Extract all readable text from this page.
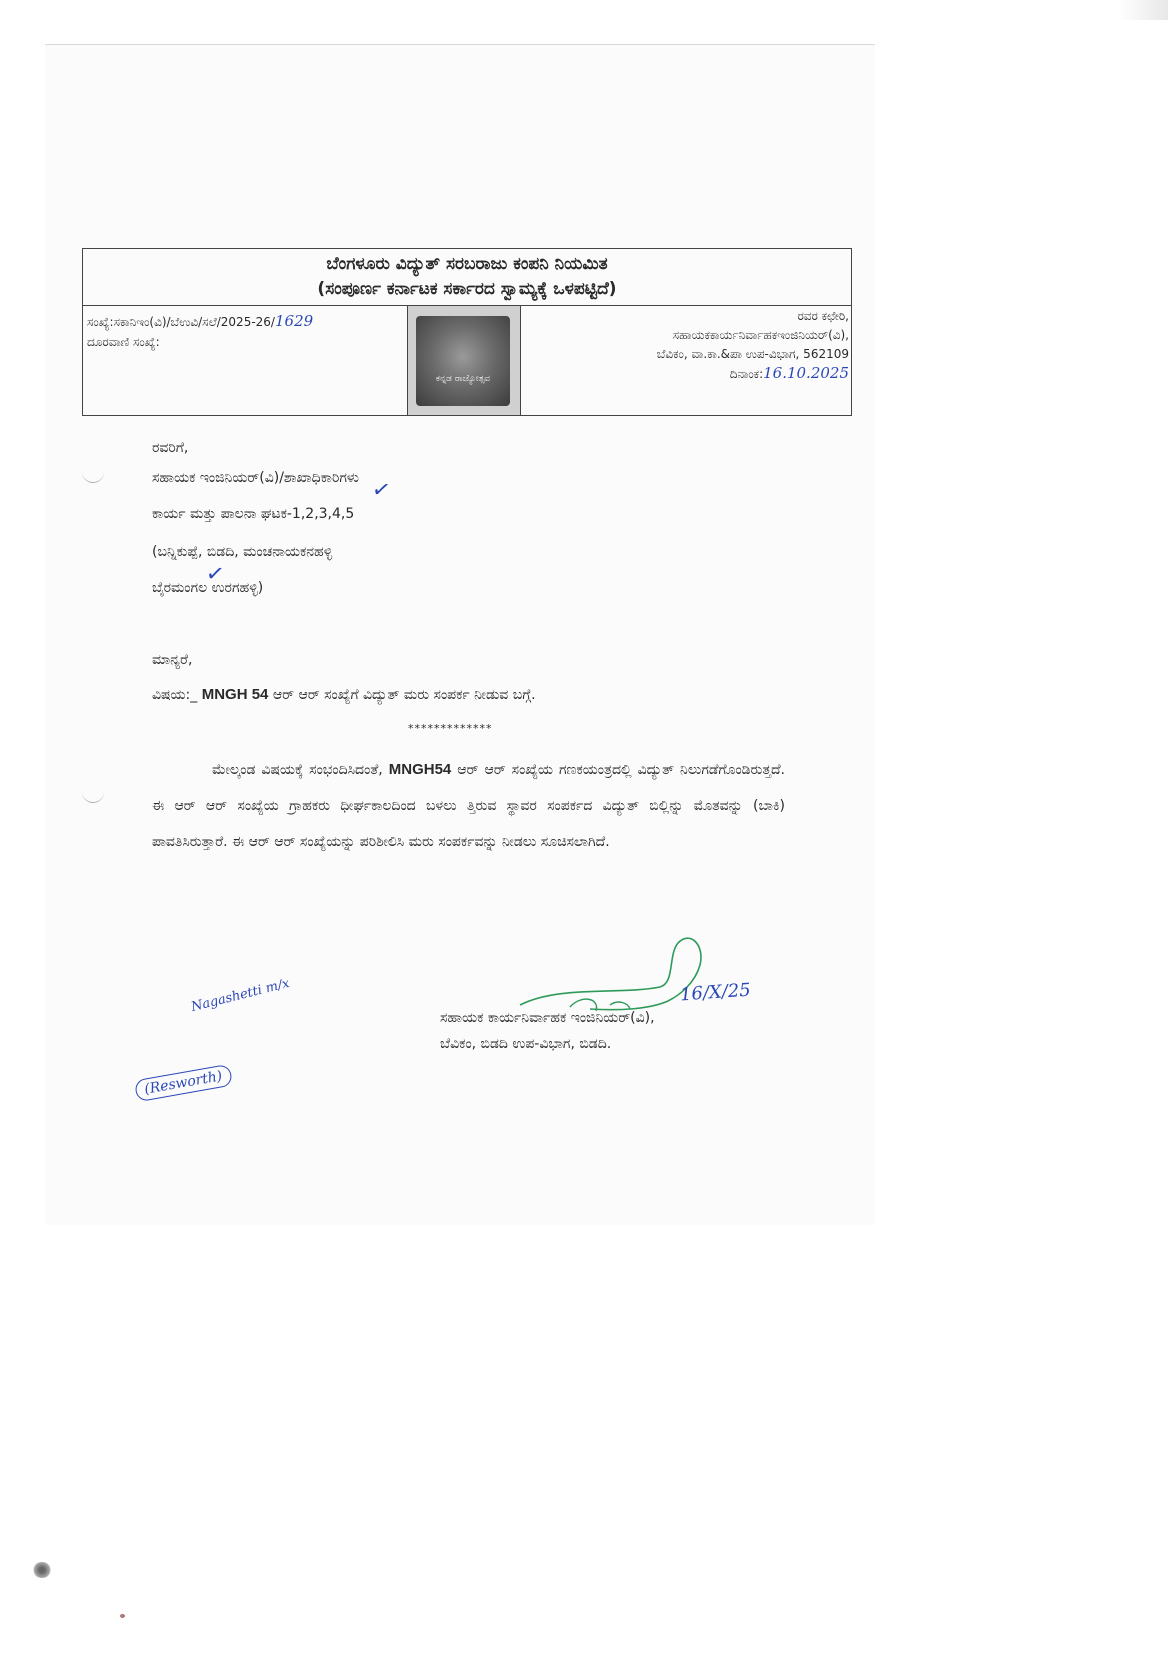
ಬೆಂಗಳೂರು ವಿದ್ಯುತ್ ಸರಬರಾಜು ಕಂಪನಿ ನಿಯಮಿತ
(ಸಂಪೂರ್ಣ ಕರ್ನಾಟಕ ಸರ್ಕಾರದ ಸ್ವಾಮ್ಯಕ್ಕೆ ಒಳಪಟ್ಟಿದೆ)
ಸಂಖ್ಯೆ:ಸಕಾನಿಇಂ(ವಿ)/ಬೆಉವಿ/ಸಲೆ/2025-26/1629
ದೂರವಾಣಿ ಸಂಖ್ಯೆ:
ಕನ್ನಡ ರಾಜ್ಯೋತ್ಸವ
ರವರ ಕಛೇರಿ,
ಸಹಾಯಕಕಾರ್ಯನಿರ್ವಾಹಕಇಂಜಿನಿಯರ್(ವಿ),
ಬೆವಿಕಂ, ವಾ.ಕಾ.&ಪಾ ಉಪ-ವಿಭಾಗ, 562109
ದಿನಾಂಕ:16.10.2025
ರವರಿಗೆ,
ಸಹಾಯಕ ಇಂಜಿನಿಯರ್(ವಿ)/ಶಾಖಾಧಿಕಾರಿಗಳು
ಕಾರ್ಯ ಮತ್ತು ಪಾಲನಾ ಘಟಕ-1,2,3,4,5
(ಬನ್ನಿಕುಪ್ಪೆ, ಬಿಡದಿ, ಮಂಚನಾಯಕನಹಳ್ಳಿ
ಬೈರಮಂಗಲ ಉರಗಹಳ್ಳಿ)
✓
✓
ಮಾನ್ಯರೆ,
ವಿಷಯ:_ MNGH 54 ಆರ್ ಆರ್ ಸಂಖ್ಯೆಗೆ ವಿದ್ಯುತ್ ಮರು ಸಂಪರ್ಕ ನೀಡುವ ಬಗ್ಗೆ.
*************
ಮೇಲ್ಕಂಡ ವಿಷಯಕ್ಕೆ ಸಂಭಂದಿಸಿದಂತೆ, MNGH54 ಆರ್ ಆರ್ ಸಂಖ್ಯೆಯ ಗಣಕಯಂತ್ರದಲ್ಲಿ ವಿದ್ಯುತ್ ನಿಲುಗಡೆಗೊಂಡಿರುತ್ತದೆ. ಈ ಆರ್ ಆರ್ ಸಂಖ್ಯೆಯ ಗ್ರಾಹಕರು ಧೀರ್ಘಕಾಲದಿಂದ ಬಳಲು ತ್ತಿರುವ ಸ್ಥಾವರ ಸಂಪರ್ಕದ ವಿದ್ಯುತ್ ಬಿಲ್ಲಿನ್ನು ಮೊತವನ್ನು (ಬಾಕಿ) ಪಾವತಿಸಿರುತ್ತಾರೆ. ಈ ಆರ್ ಆರ್ ಸಂಖ್ಯೆಯನ್ನು ಪರಿಶೀಲಿಸಿ ಮರು ಸಂಪರ್ಕವನ್ನು ನೀಡಲು ಸೂಚಿಸಲಾಗಿದೆ.
16/X/25
ಸಹಾಯಕ ಕಾರ್ಯನಿರ್ವಾಹಕ ಇಂಜಿನಿಯರ್(ವಿ),
ಬೆವಿಕಂ, ಬಿಡದಿ ಉಪ-ವಿಭಾಗ, ಬಿಡದಿ.
Nagashetti m/x
(Resworth)
